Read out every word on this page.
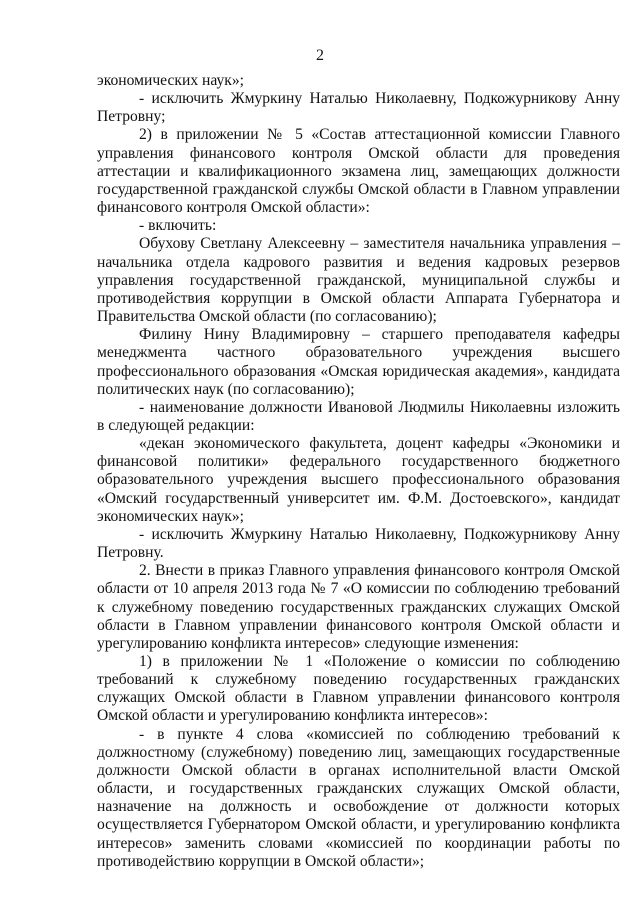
2

экономических наук»;

- исключить Жмуркину Наталью Николаевну, Подкожурникову Анну Петровну;

2) в приложении № 5 «Состав аттестационной комиссии Главного управления финансового контроля Омской области для проведения аттестации и квалификационного экзамена лиц, замещающих должности государственной гражданской службы Омской области в Главном управлении финансового контроля Омской области»:

- включить:

Обухову Светлану Алексеевну – заместителя начальника управления – начальника отдела кадрового развития и ведения кадровых резервов управления государственной гражданской, муниципальной службы и противодействия коррупции в Омской области Аппарата Губернатора и Правительства Омской области (по согласованию);

Филину Нину Владимировну – старшего преподавателя кафедры менеджмента частного образовательного учреждения высшего профессионального образования «Омская юридическая академия», кандидата политических наук (по согласованию);

- наименование должности Ивановой Людмилы Николаевны изложить в следующей редакции:

«декан экономического факультета, доцент кафедры «Экономики и финансовой политики» федерального государственного бюджетного образовательного учреждения высшего профессионального образования «Омский государственный университет им. Ф.М. Достоевского», кандидат экономических наук»;

- исключить Жмуркину Наталью Николаевну, Подкожурникову Анну Петровну.

2. Внести в приказ Главного управления финансового контроля Омской области от 10 апреля 2013 года № 7 «О комиссии по соблюдению требований к служебному поведению государственных гражданских служащих Омской области в Главном управлении финансового контроля Омской области и урегулированию конфликта интересов» следующие изменения:

1) в приложении № 1 «Положение о комиссии по соблюдению требований к служебному поведению государственных гражданских служащих Омской области в Главном управлении финансового контроля Омской области и урегулированию конфликта интересов»:

- в пункте 4 слова «комиссией по соблюдению требований к должностному (служебному) поведению лиц, замещающих государственные должности Омской области в органах исполнительной власти Омской области, и государственных гражданских служащих Омской области, назначение на должность и освобождение от должности которых осуществляется Губернатором Омской области, и урегулированию конфликта интересов» заменить словами «комиссией по координации работы по противодействию коррупции в Омской области»;
